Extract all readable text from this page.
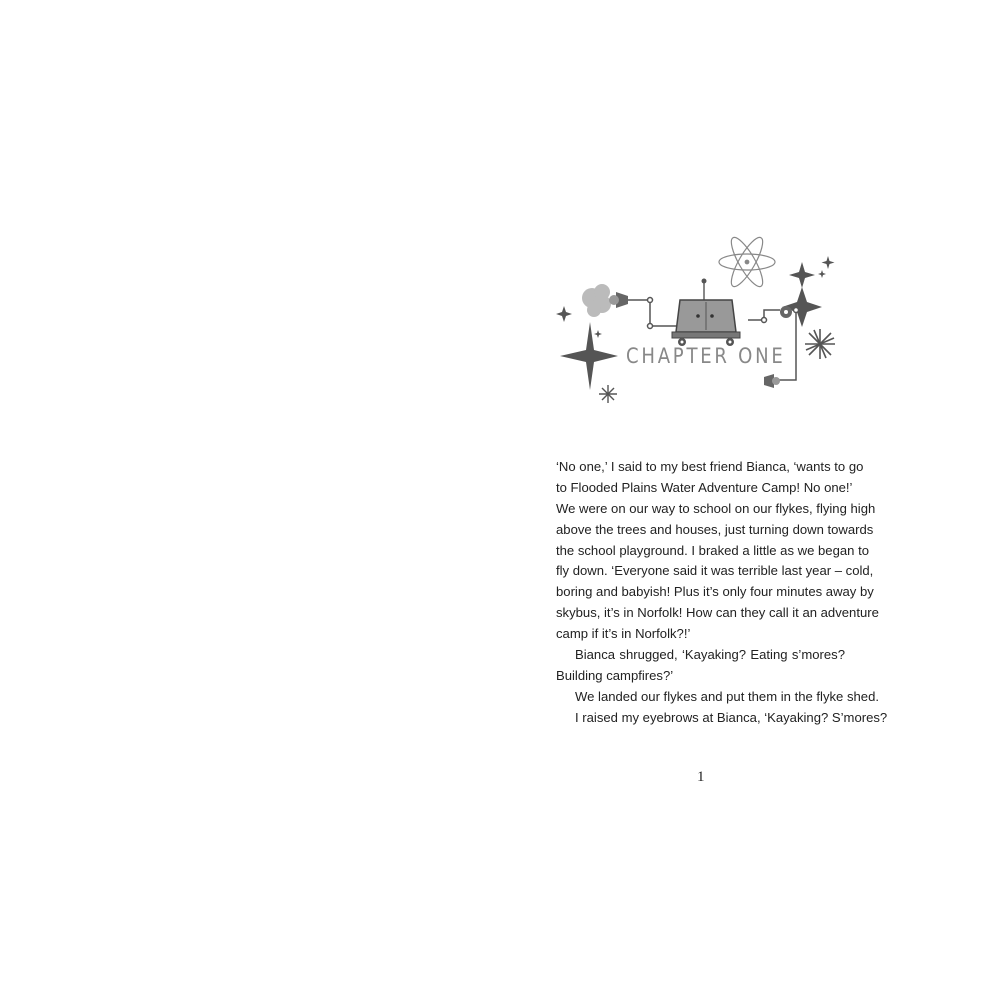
CHAPTER ONE
‘No one,’ I said to my best friend Bianca, ‘wants to go
to Flooded Plains Water Adventure Camp! No one!’
We were on our way to school on our flykes, flying high
above the trees and houses, just turning down towards
the school playground. I braked a little as we began to
fly down. ‘Everyone said it was terrible last year – cold,
boring and babyish! Plus it’s only four minutes away by
skybus, it’s in Norfolk! How can they call it an adventure
camp if it’s in Norfolk?!’
Bianca shrugged, ‘Kayaking? Eating s’mores?
Building campfires?’
We landed our flykes and put them in the flyke shed.
I raised my eyebrows at Bianca, ‘Kayaking? S’mores?
1
